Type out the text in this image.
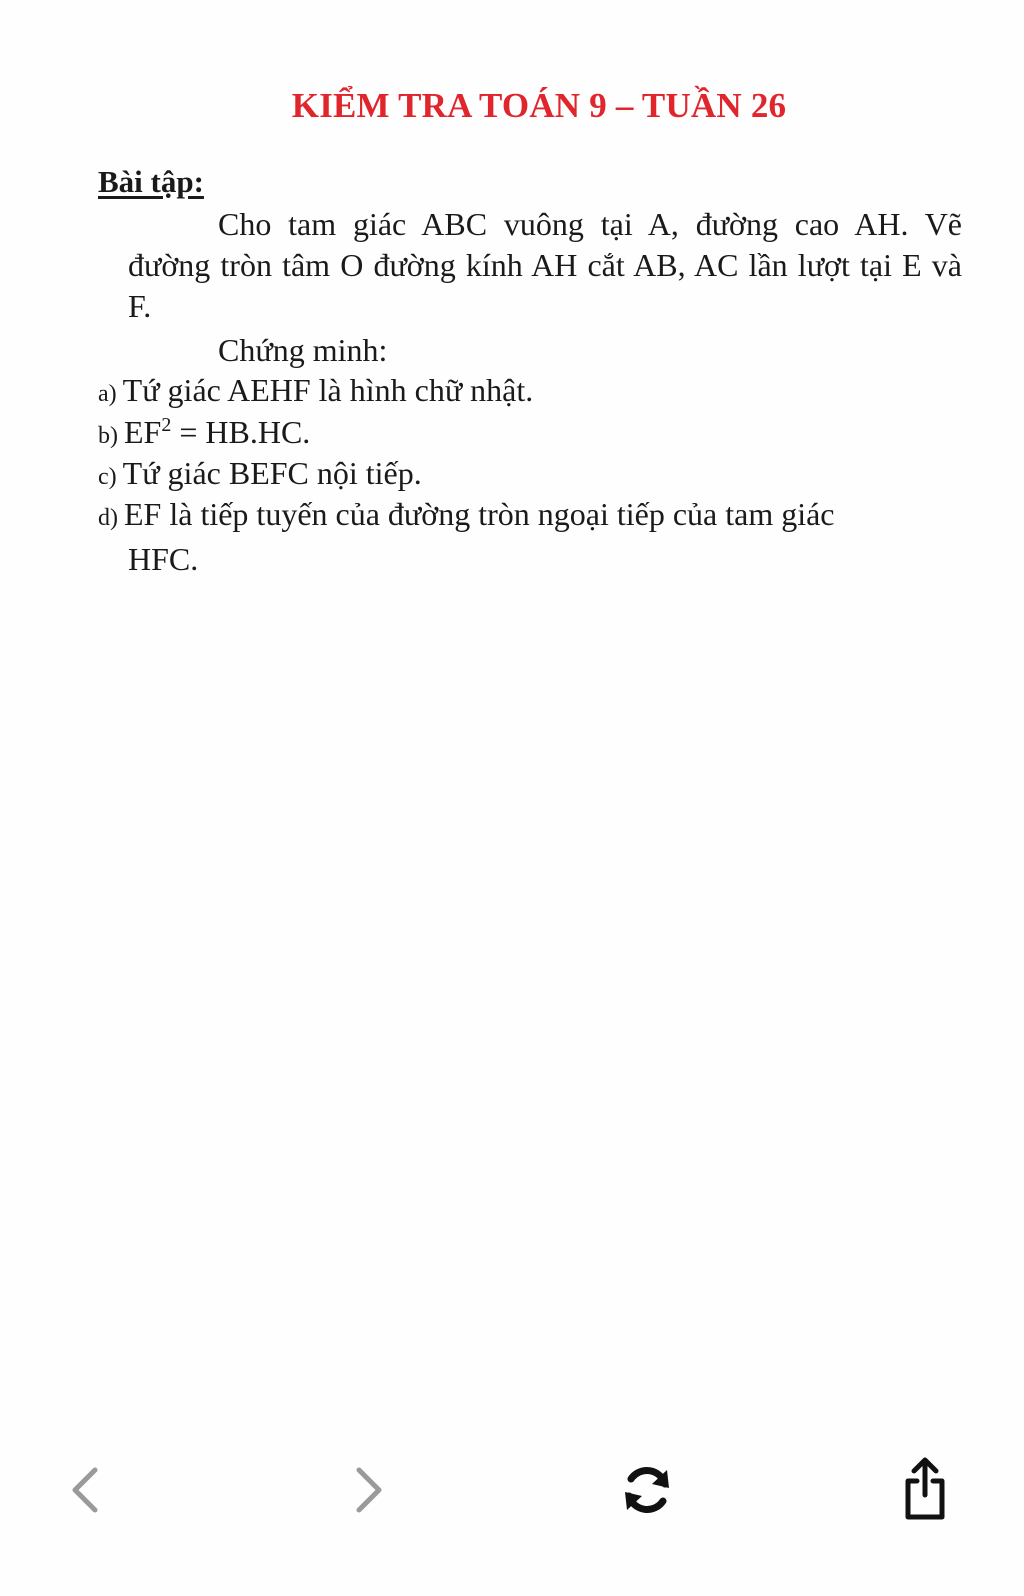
KIỂM TRA TOÁN 9 – TUẦN 26
Bài tập:
Cho tam giác ABC vuông tại A, đường cao AH. Vẽ đường tròn tâm O đường kính AH cắt AB, AC lần lượt tại E và F.
Chứng minh:
a) Tứ giác AEHF là hình chữ nhật.
b) $EF^2 = HB.HC$.
c) Tứ giác BEFC nội tiếp.
d) EF là tiếp tuyến của đường tròn ngoại tiếp của tam giác
HFC.
